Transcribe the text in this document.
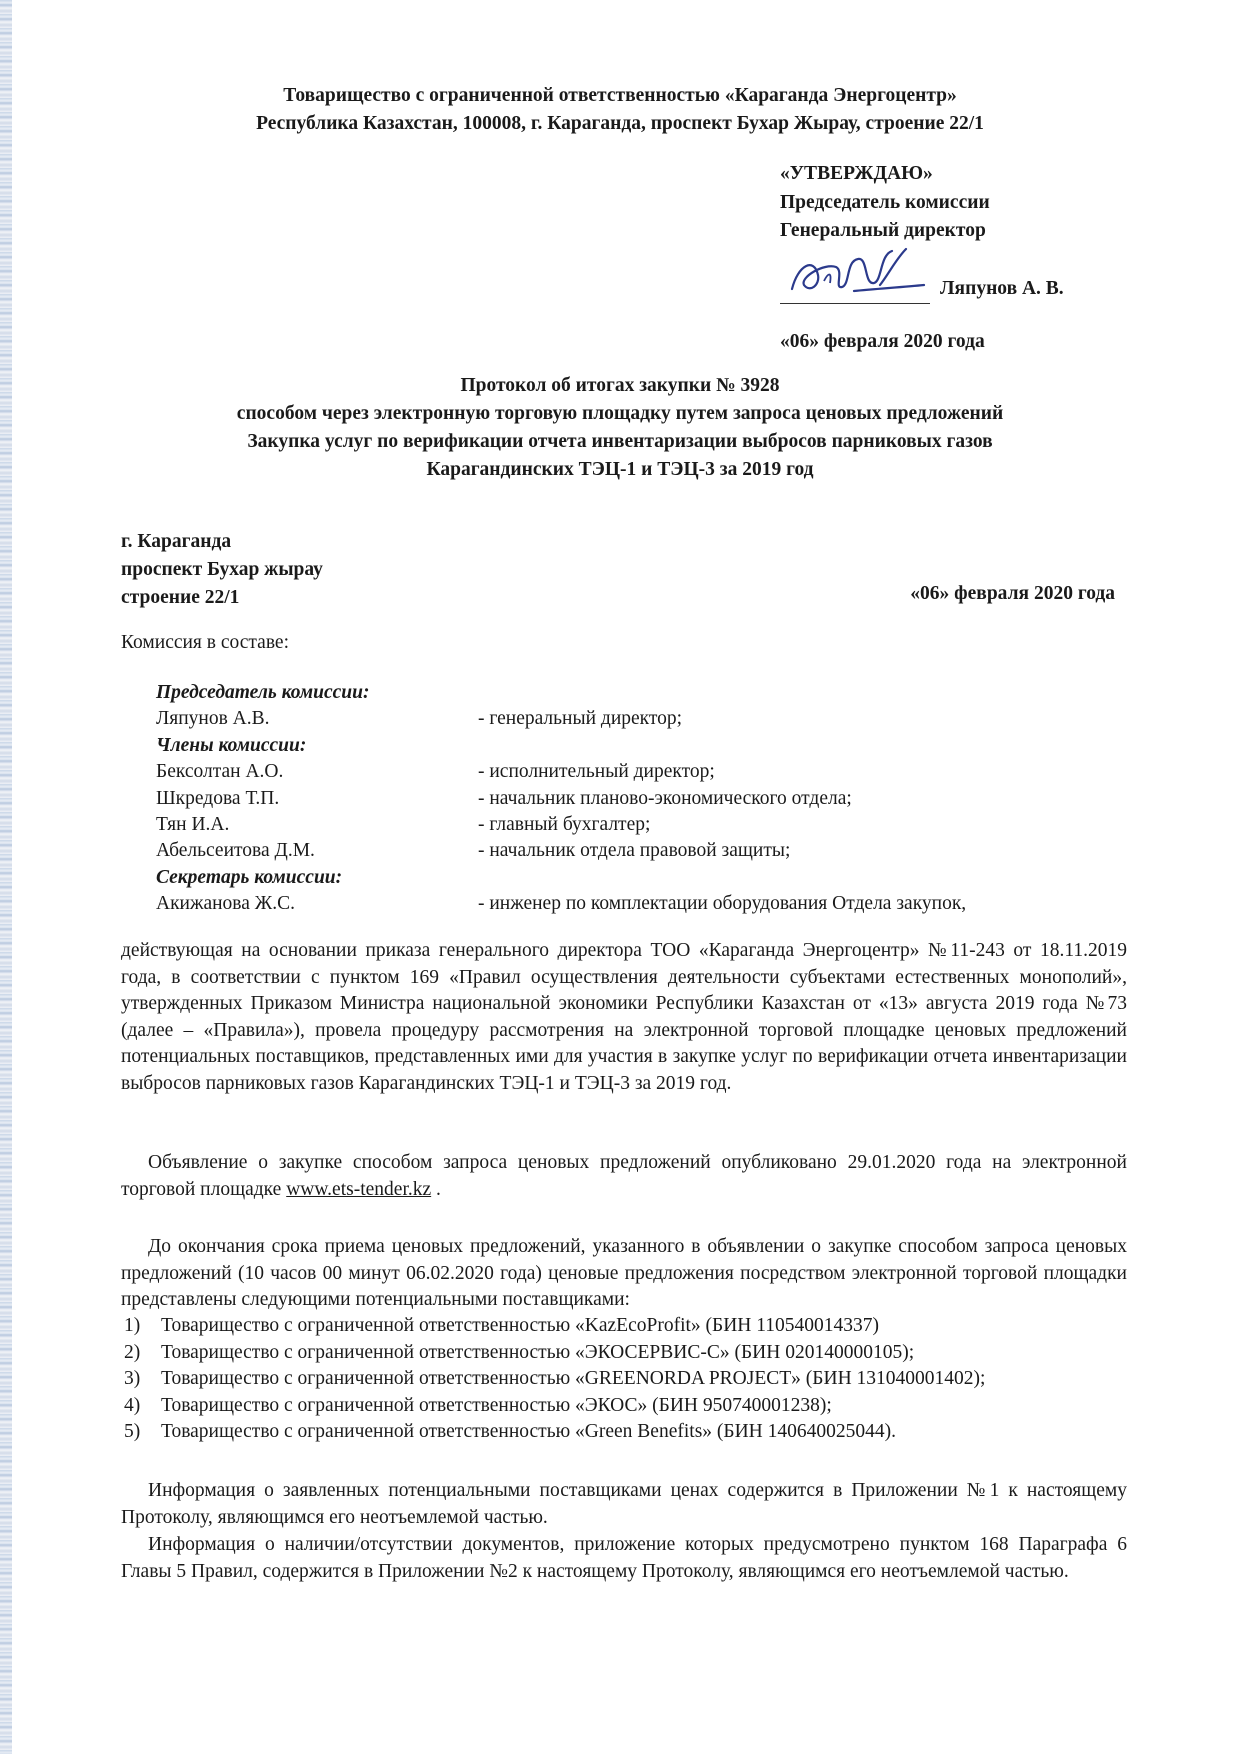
Товарищество с ограниченной ответственностью «Караганда Энергоцентр»
Республика Казахстан, 100008, г. Караганда, проспект Бухар Жырау, строение 22/1
«УТВЕРЖДАЮ»
Председатель комиссии
Генеральный директор
Ляпунов А. В.
«06» февраля 2020 года
Протокол об итогах закупки № 3928
способом через электронную торговую площадку путем запроса ценовых предложений
Закупка услуг по верификации отчета инвентаризации выбросов парниковых газов
Карагандинских ТЭЦ-1 и ТЭЦ-3 за 2019 год
г. Караганда
проспект Бухар жырау
строение 22/1	«06» февраля 2020 года
Комиссия в составе:
Председатель комиссии:
Ляпунов А.В.	- генеральный директор;
Члены комиссии:
Бексолтан А.О.	- исполнительный директор;
Шкредова Т.П.	- начальник планово-экономического отдела;
Тян И.А.	- главный бухгалтер;
Абельсеитова Д.М.	- начальник отдела правовой защиты;
Секретарь комиссии:
Акижанова Ж.С.	- инженер по комплектации оборудования Отдела закупок,
действующая на основании приказа генерального директора ТОО «Караганда Энергоцентр» №11-243 от 18.11.2019 года, в соответствии с пунктом 169 «Правил осуществления деятельности субъектами естественных монополий», утвержденных Приказом Министра национальной экономики Республики Казахстан от «13» августа 2019 года №73 (далее – «Правила»), провела процедуру рассмотрения на электронной торговой площадке ценовых предложений потенциальных поставщиков, представленных ими для участия в закупке услуг по верификации отчета инвентаризации выбросов парниковых газов Карагандинских ТЭЦ-1 и ТЭЦ-3 за 2019 год.
Объявление о закупке способом запроса ценовых предложений опубликовано 29.01.2020 года на электронной торговой площадке www.ets-tender.kz .
До окончания срока приема ценовых предложений, указанного в объявлении о закупке способом запроса ценовых предложений (10 часов 00 минут 06.02.2020 года) ценовые предложения посредством электронной торговой площадки представлены следующими потенциальными поставщиками:
1)	Товарищество с ограниченной ответственностью «KazEcoProfit» (БИН 110540014337)
2)	Товарищество с ограниченной ответственностью «ЭКОСЕРВИС-С» (БИН 020140000105);
3)	Товарищество с ограниченной ответственностью «GREENORDA PROJECT» (БИН 131040001402);
4)	Товарищество с ограниченной ответственностью «ЭКОС» (БИН 950740001238);
5)	Товарищество с ограниченной ответственностью «Green Benefits» (БИН 140640025044).
Информация о заявленных потенциальными поставщиками ценах содержится в Приложении №1 к настоящему Протоколу, являющимся его неотъемлемой частью.
Информация о наличии/отсутствии документов, приложение которых предусмотрено пунктом 168 Параграфа 6 Главы 5 Правил, содержится в Приложении №2 к настоящему Протоколу, являющимся его неотъемлемой частью.
